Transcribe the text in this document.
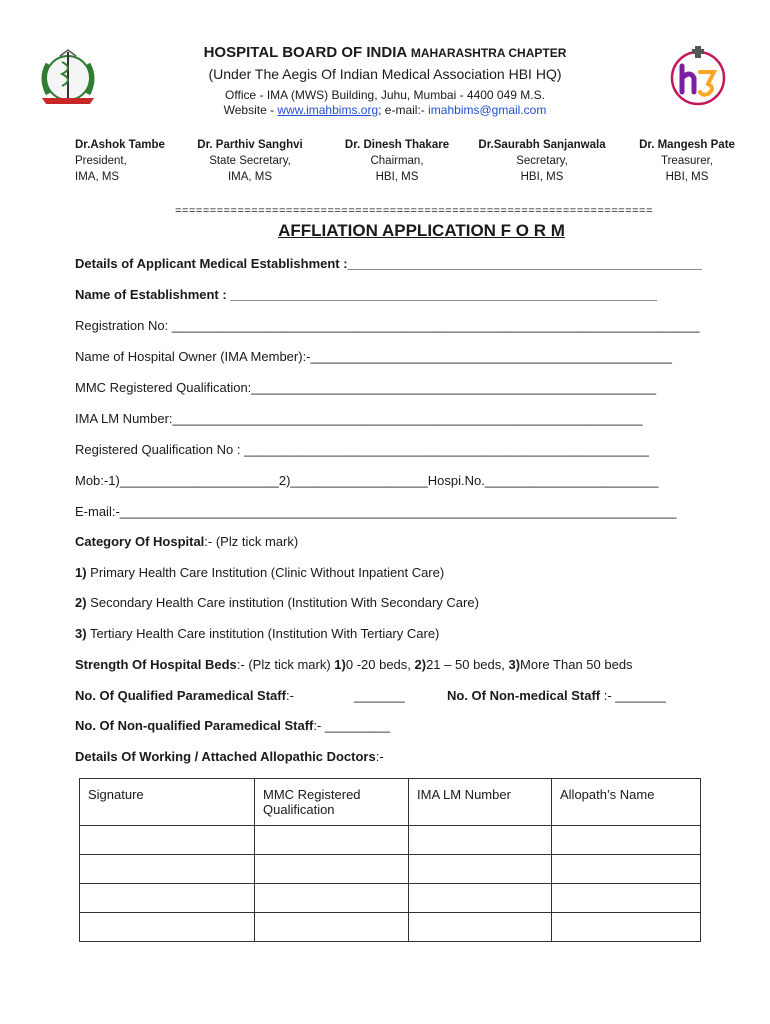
HOSPITAL BOARD OF INDIA MAHARASHTRA CHAPTER
(Under The Aegis Of Indian Medical Association HBI HQ)
Office - IMA (MWS) Building, Juhu, Mumbai - 4400 049 M.S.
Website - www.imahbims.org; e-mail:- imahbims@gmail.com
Dr.Ashok Tambe
President,
IMA, MS
Dr. Parthiv Sanghvi
State Secretary,
IMA, MS
Dr. Dinesh Thakare
Chairman,
HBI, MS
Dr.Saurabh Sanjanwala
Secretary,
HBI, MS
Dr. Mangesh Pate
Treasurer,
HBI, MS
=====================================================================
AFFLIATION APPLICATION F O R M
Details of Applicant Medical Establishment :_________________________________________________
Name of Establishment : ___________________________________________________________
Registration No: _________________________________________________________________________
Name of Hospital Owner (IMA Member):-__________________________________________________
MMC Registered Qualification:________________________________________________________
IMA LM Number:_________________________________________________________________
Registered Qualification No : ________________________________________________________
Mob:-1)______________________2)___________________Hospi.No.________________________
E-mail:-_____________________________________________________________________________
Category Of Hospital:- (Plz tick mark)
1) Primary Health Care Institution (Clinic Without Inpatient Care)
2) Secondary Health Care institution (Institution With Secondary Care)
3) Tertiary Health Care institution (Institution With Tertiary Care)
Strength Of Hospital Beds:- (Plz tick mark) 1)0 -20 beds, 2)21 – 50 beds, 3)More Than 50 beds
No. Of Qualified Paramedical Staff:-	_______	No. Of Non-medical Staff :- _______
No. Of Non-qualified Paramedical Staff:- _________
Details Of Working / Attached Allopathic Doctors:-
Signature	MMC Registered Qualification	IMA LM Number	Allopath’s Name
